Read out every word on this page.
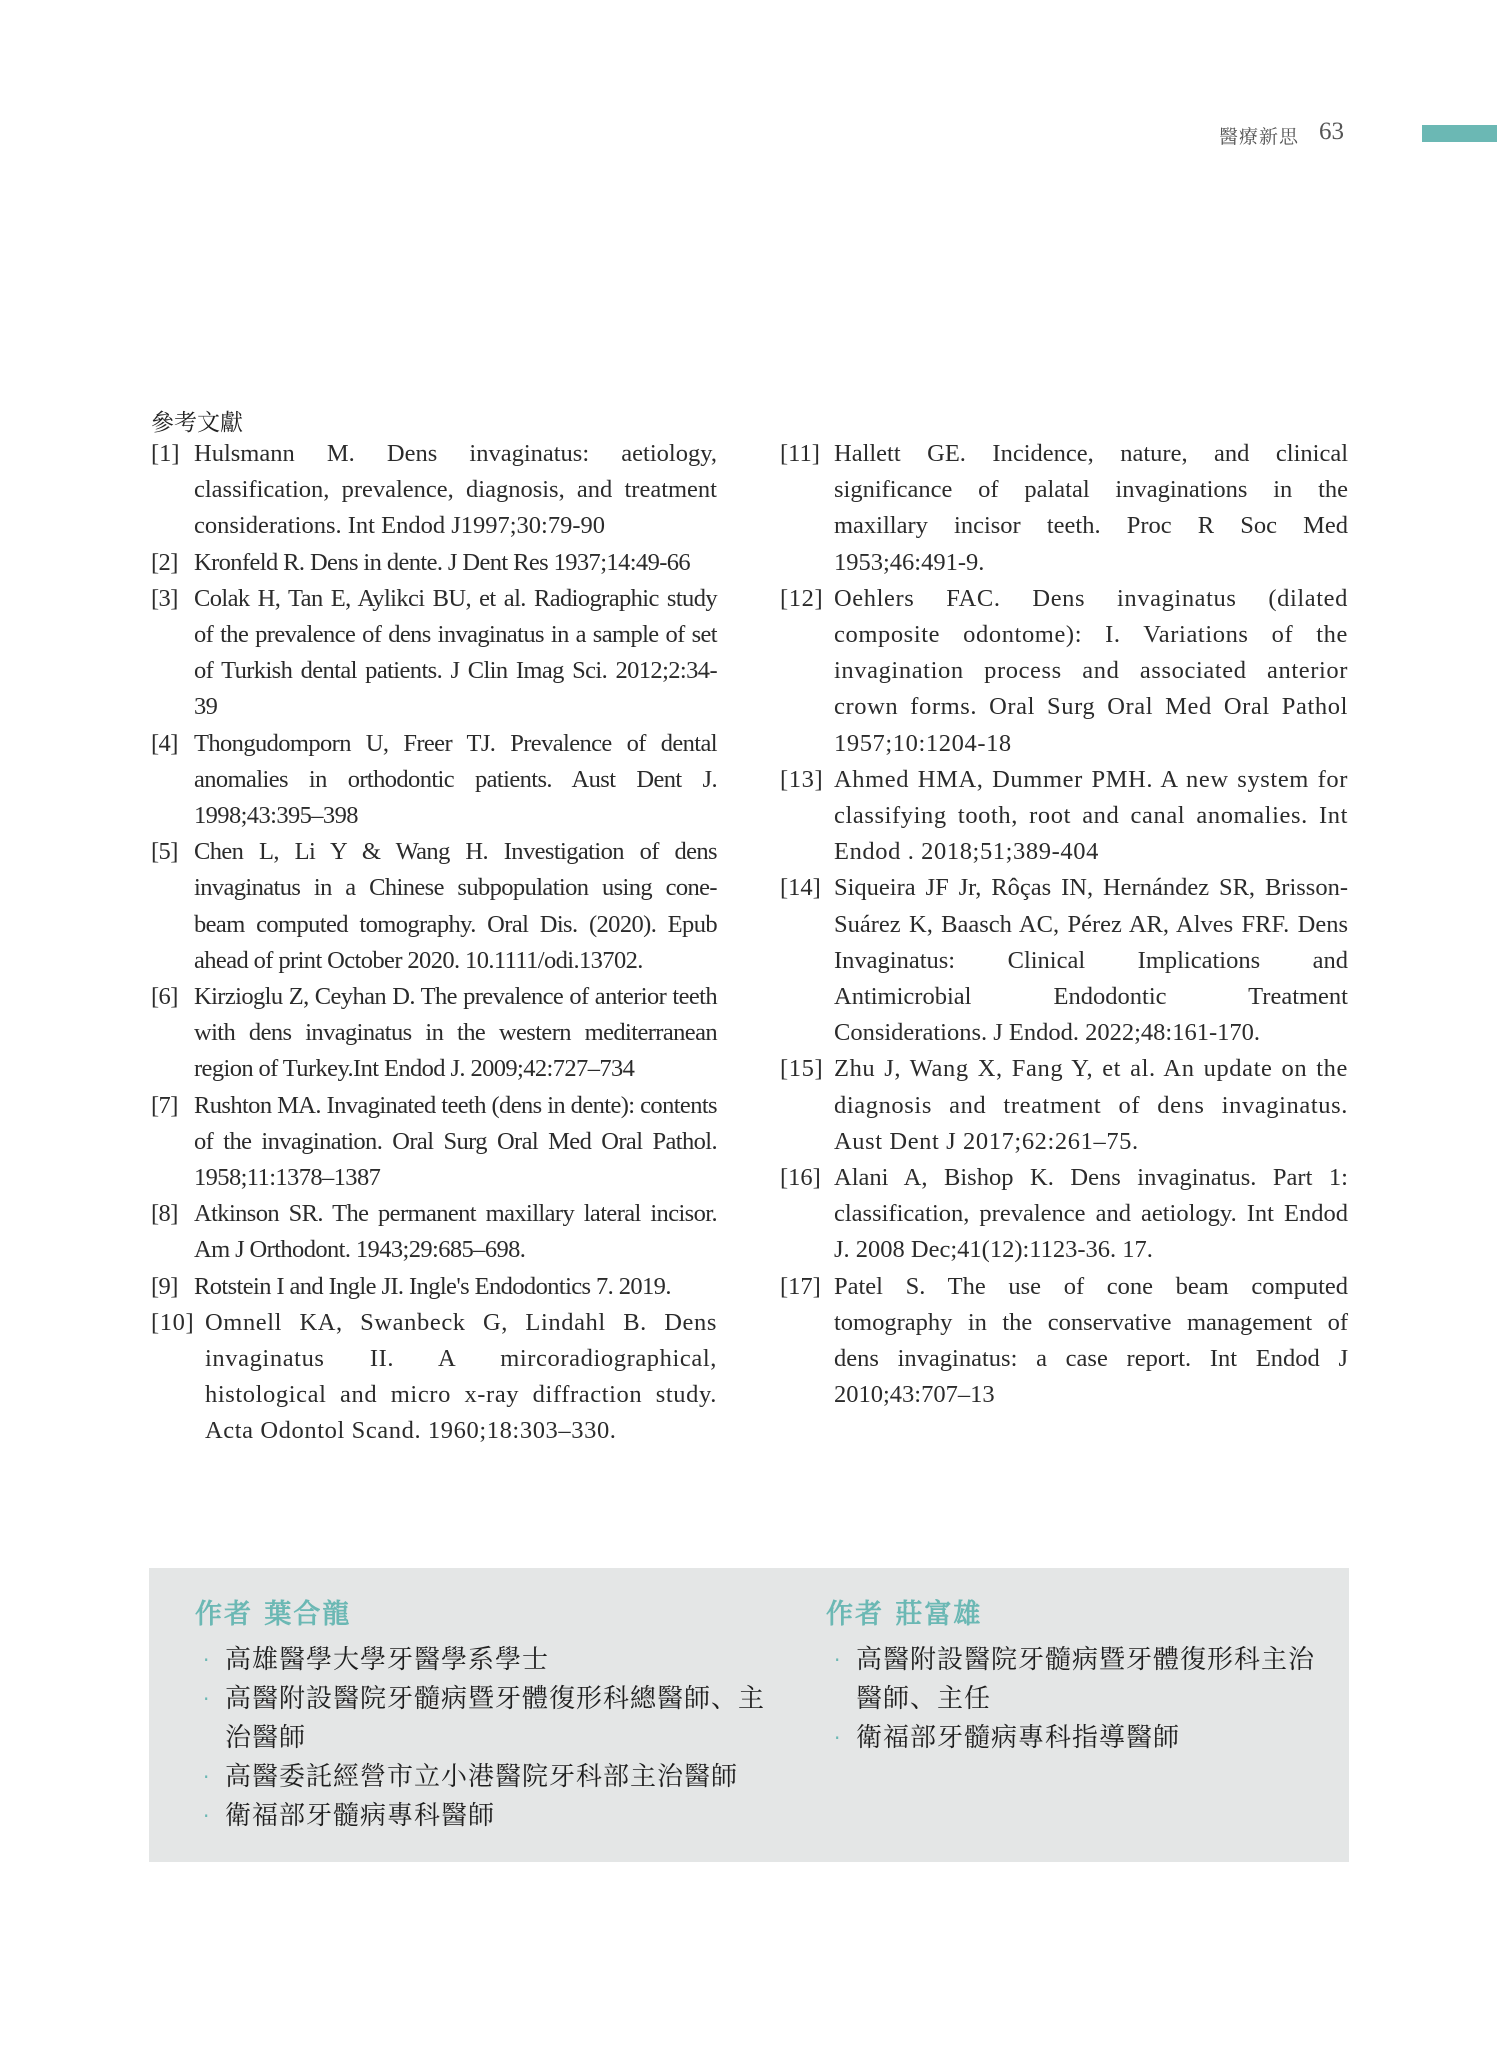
醫療新思 63
參考文獻

[1] Hulsmann M. Dens invaginatus: aetiology, classification, prevalence, diagnosis, and treatment considerations. Int Endod J1997;30:79-90

[2] Kronfeld R. Dens in dente. J Dent Res 1937;14:49-66

[3] Colak H, Tan E, Aylikci BU, et al. Radiographic study of the prevalence of dens invaginatus in a sample of set of Turkish dental patients. J Clin Imag Sci. 2012;2:34-39

[4] Thongudomporn U, Freer TJ. Prevalence of dental anomalies in orthodontic patients. Aust Dent J. 1998;43:395–398

[5] Chen L, Li Y & Wang H. Investigation of dens invaginatus in a Chinese subpopulation using cone-beam computed tomography. Oral Dis. (2020). Epub ahead of print October 2020. 10.1111/odi.13702.

[6] Kirzioglu Z, Ceyhan D. The prevalence of anterior teeth with dens invaginatus in the western mediterranean region of Turkey.Int Endod J. 2009;42:727–734

[7] Rushton MA. Invaginated teeth (dens in dente): contents of the invagination. Oral Surg Oral Med Oral Pathol. 1958;11:1378–1387

[8] Atkinson SR. The permanent maxillary lateral incisor. Am J Orthodont. 1943;29:685–698.

[9] Rotstein I and Ingle JI. Ingle's Endodontics 7. 2019.

[10] Omnell KA, Swanbeck G, Lindahl B. Dens invaginatus II. A mircoradiographical, histological and micro x-ray diffraction study. Acta Odontol Scand. 1960;18:303–330.

[11] Hallett GE. Incidence, nature, and clinical significance of palatal invaginations in the maxillary incisor teeth. Proc R Soc Med 1953;46:491-9.

[12] Oehlers FAC. Dens invaginatus (dilated composite odontome): I. Variations of the invagination process and associated anterior crown forms. Oral Surg Oral Med Oral Pathol 1957;10:1204-18

[13] Ahmed HMA, Dummer PMH. A new system for classifying tooth, root and canal anomalies. Int Endod . 2018;51;389-404

[14] Siqueira JF Jr, Rôças IN, Hernández SR, Brisson-Suárez K, Baasch AC, Pérez AR, Alves FRF. Dens Invaginatus: Clinical Implications and Antimicrobial Endodontic Treatment Considerations. J Endod. 2022;48:161-170.

[15] Zhu J, Wang X, Fang Y, et al. An update on the diagnosis and treatment of dens invaginatus. Aust Dent J 2017;62:261–75.

[16] Alani A, Bishop K. Dens invaginatus. Part 1: classification, prevalence and aetiology. Int Endod J. 2008 Dec;41(12):1123-36. 17.

[17] Patel S. The use of cone beam computed tomography in the conservative management of dens invaginatus: a case report. Int Endod J 2010;43:707–13

作者 葉合龍
· 高雄醫學大學牙醫學系學士
· 高醫附設醫院牙髓病暨牙體復形科總醫師、主治醫師
· 高醫委託經營市立小港醫院牙科部主治醫師
· 衛福部牙髓病專科醫師
作者 莊富雄
· 高醫附設醫院牙髓病暨牙體復形科主治醫師、主任
· 衛福部牙髓病專科指導醫師
